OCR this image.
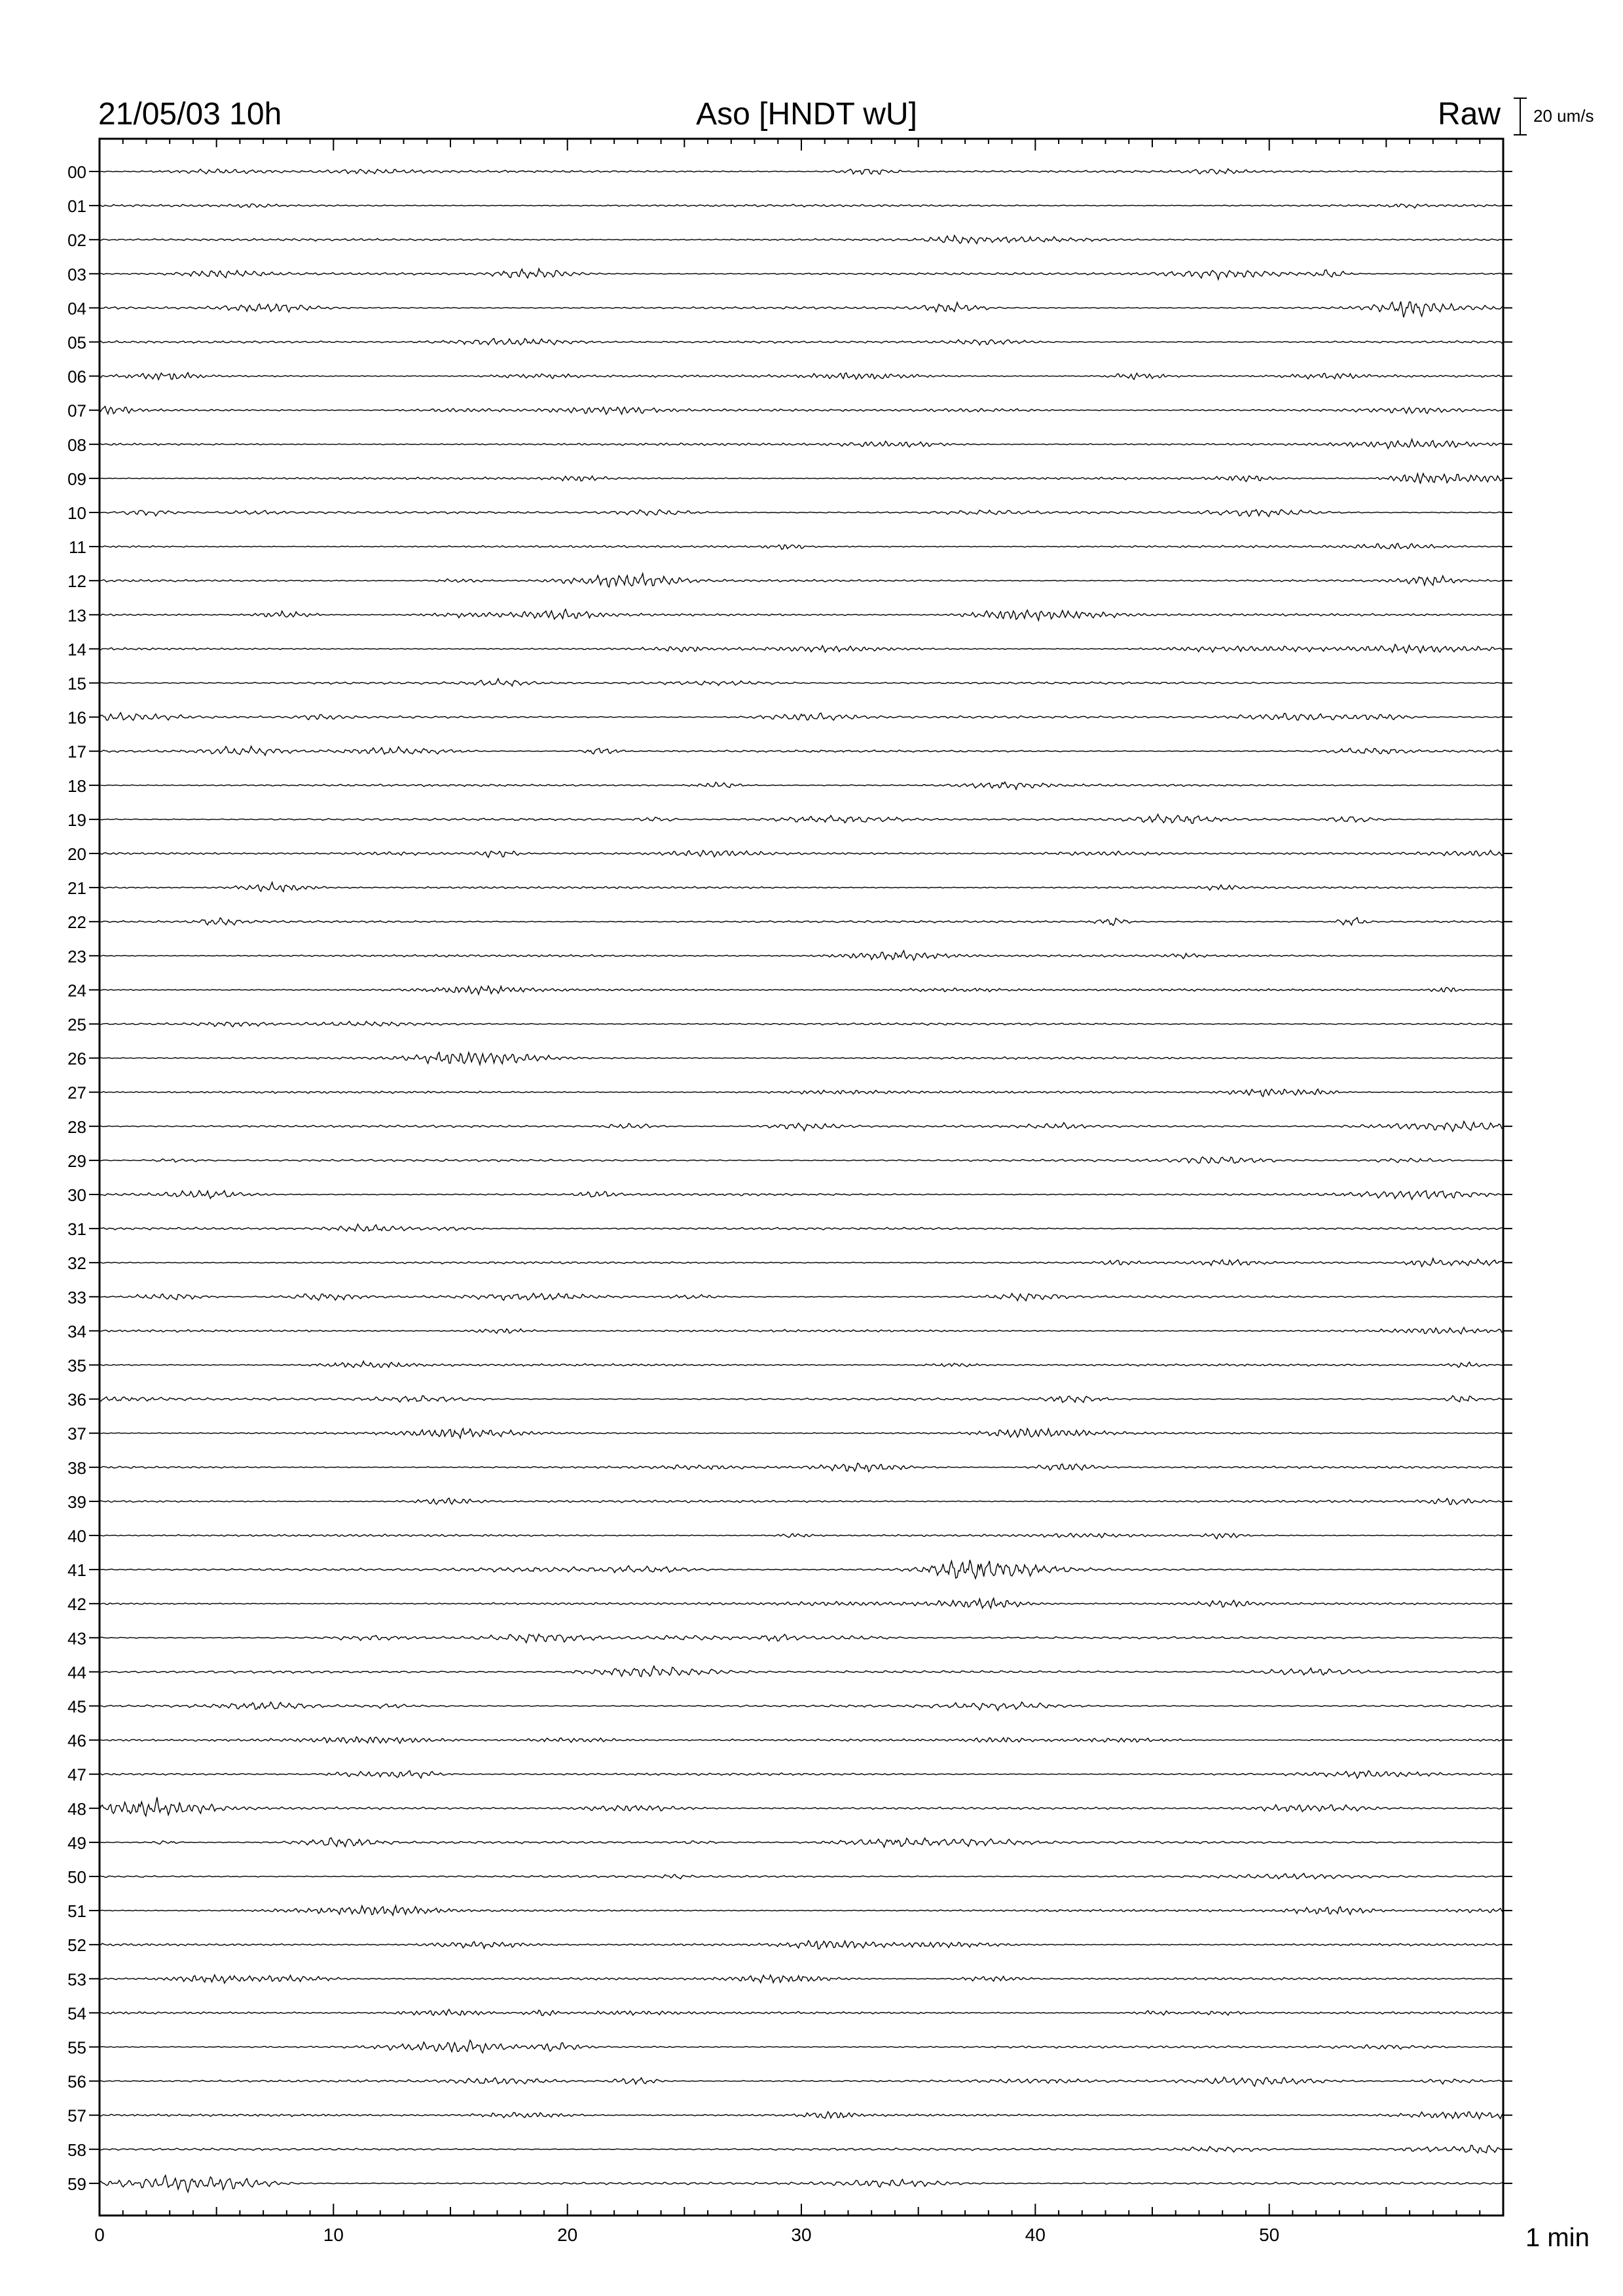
21/05/03 10h	Aso [HNDT wU]	Raw 20 um/s
0	10	20	30	40	50
00
01
02
03
04
05
06
07
08
09
10
11
12
13
14
15
16
17
18
19
20
21
22
23
24
25
26
27
28
29
30
31
32
33
34
35
36
37
38
39
40
41
42
43
44
45
46
47
48
49
50
51
52
53
54
55
56
57
58
59
1 min
